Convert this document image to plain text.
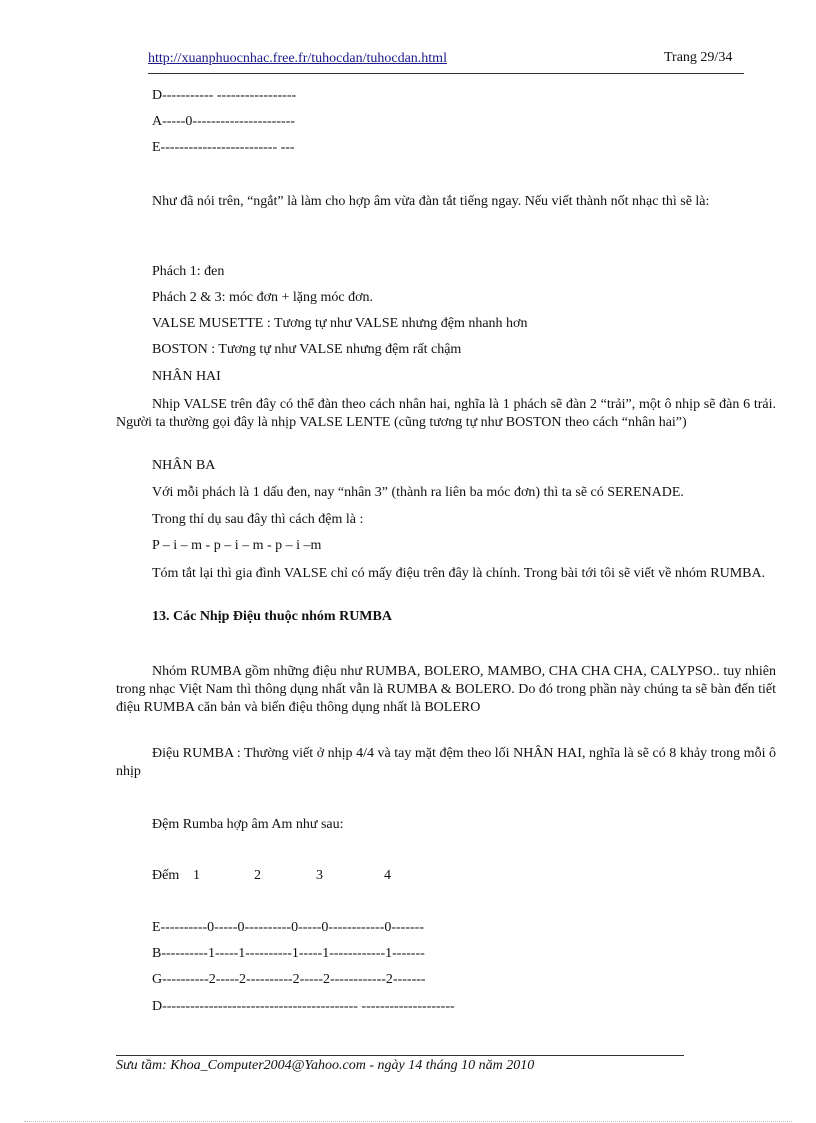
http://xuanphuocnhac.free.fr/tuhocdan/tuhocdan.html	Trang 29/34
D----------- -----------------
A-----0----------------------
E------------------------- ---
Như đã nói trên, “ngắt” là làm cho hợp âm vừa đàn tắt tiếng ngay. Nếu viết thành nốt nhạc thì sẽ là:
Phách 1: đen
Phách 2 & 3: móc đơn + lặng móc đơn.
VALSE MUSETTE : Tương tự như VALSE nhưng đệm nhanh hơn
BOSTON : Tương tự như VALSE nhưng đệm rất chậm
NHÂN HAI
Nhịp VALSE trên đây có thể đàn theo cách nhân hai, nghĩa là 1 phách sẽ đàn 2 “trải”, một ô nhịp sẽ đàn 6 trải. Người ta thường gọi đây là nhịp VALSE LENTE (cũng tương tự như BOSTON theo cách “nhân hai”)
NHÂN BA
Với mỗi phách là 1 dấu đen, nay “nhân 3” (thành ra liên ba móc đơn) thì ta sẽ có SERENADE.
Trong thí dụ sau đây thì cách đệm là :
P – i – m - p – i – m - p – i –m
Tóm tắt lại thì gia đình VALSE chỉ có mấy điệu trên đây là chính. Trong bài tới tôi sẽ viết về nhóm RUMBA.
13. Các Nhịp Điệu thuộc nhóm RUMBA
Nhóm RUMBA gồm những điệu như RUMBA, BOLERO, MAMBO, CHA CHA CHA, CALYPSO.. tuy nhiên trong nhạc Việt Nam thì thông dụng nhất vẫn là RUMBA & BOLERO. Do đó trong phần này chúng ta sẽ bàn đến tiết điệu RUMBA căn bản và biến điệu thông dụng nhất là BOLERO
Điệu RUMBA : Thường viết ở nhịp 4/4 và tay mặt đệm theo lối NHÂN HAI, nghĩa là sẽ có 8 khảy trong mỗi ô nhịp
Đệm Rumba hợp âm Am như sau:
Đếm 1	2	3	4
E----------0-----0----------0-----0------------0-------
B----------1-----1----------1-----1------------1-------
G----------2-----2----------2-----2------------2-------
D------------------------------------------ --------------------
Sưu tầm: Khoa_Computer2004@Yahoo.com - ngày 14 tháng 10 năm 2010
